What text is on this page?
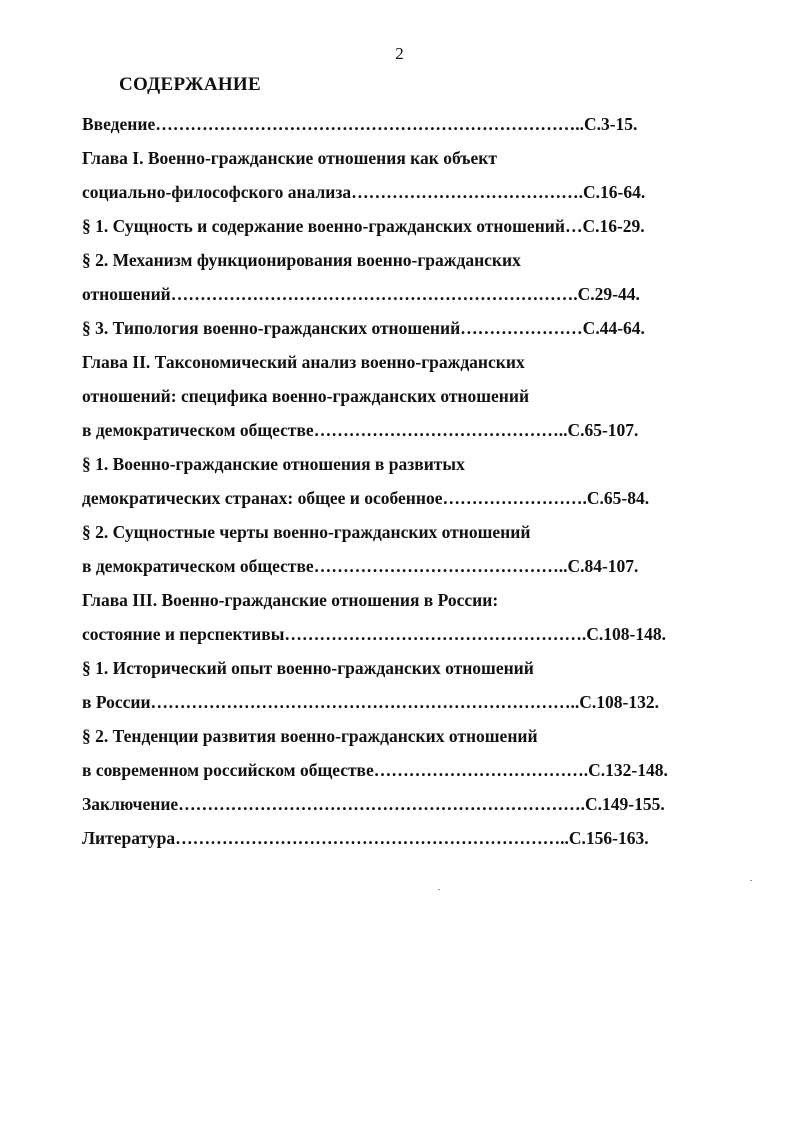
2
СОДЕРЖАНИЕ
Введение………………………………………………………………..С.3-15.
Глава I. Военно-гражданские отношения как объект
социально-философского анализа………………………………….С.16-64.
§ 1. Сущность и содержание военно-гражданских отношений…С.16-29.
§ 2. Механизм функционирования военно-гражданских
отношений…………………………………………………………….С.29-44.
§ 3. Типология военно-гражданских отношений…………………С.44-64.
Глава II. Таксономический анализ военно-гражданских
отношений: специфика военно-гражданских отношений
в демократическом обществе……………………………………..С.65-107.
§ 1. Военно-гражданские отношения в развитых
демократических странах: общее и особенное…………………….С.65-84.
§ 2. Сущностные черты военно-гражданских отношений
в демократическом обществе……………………………………..С.84-107.
Глава III. Военно-гражданские отношения в России:
состояние и перспективы…………………………………………….С.108-148.
§ 1. Исторический опыт военно-гражданских отношений
в России………………………………………………………………..С.108-132.
§ 2. Тенденции развития военно-гражданских отношений
в современном российском обществе……………………………….С.132-148.
Заключение…………………………………………………………….С.149-155.
Литература…………………………………………………………..С.156-163.
